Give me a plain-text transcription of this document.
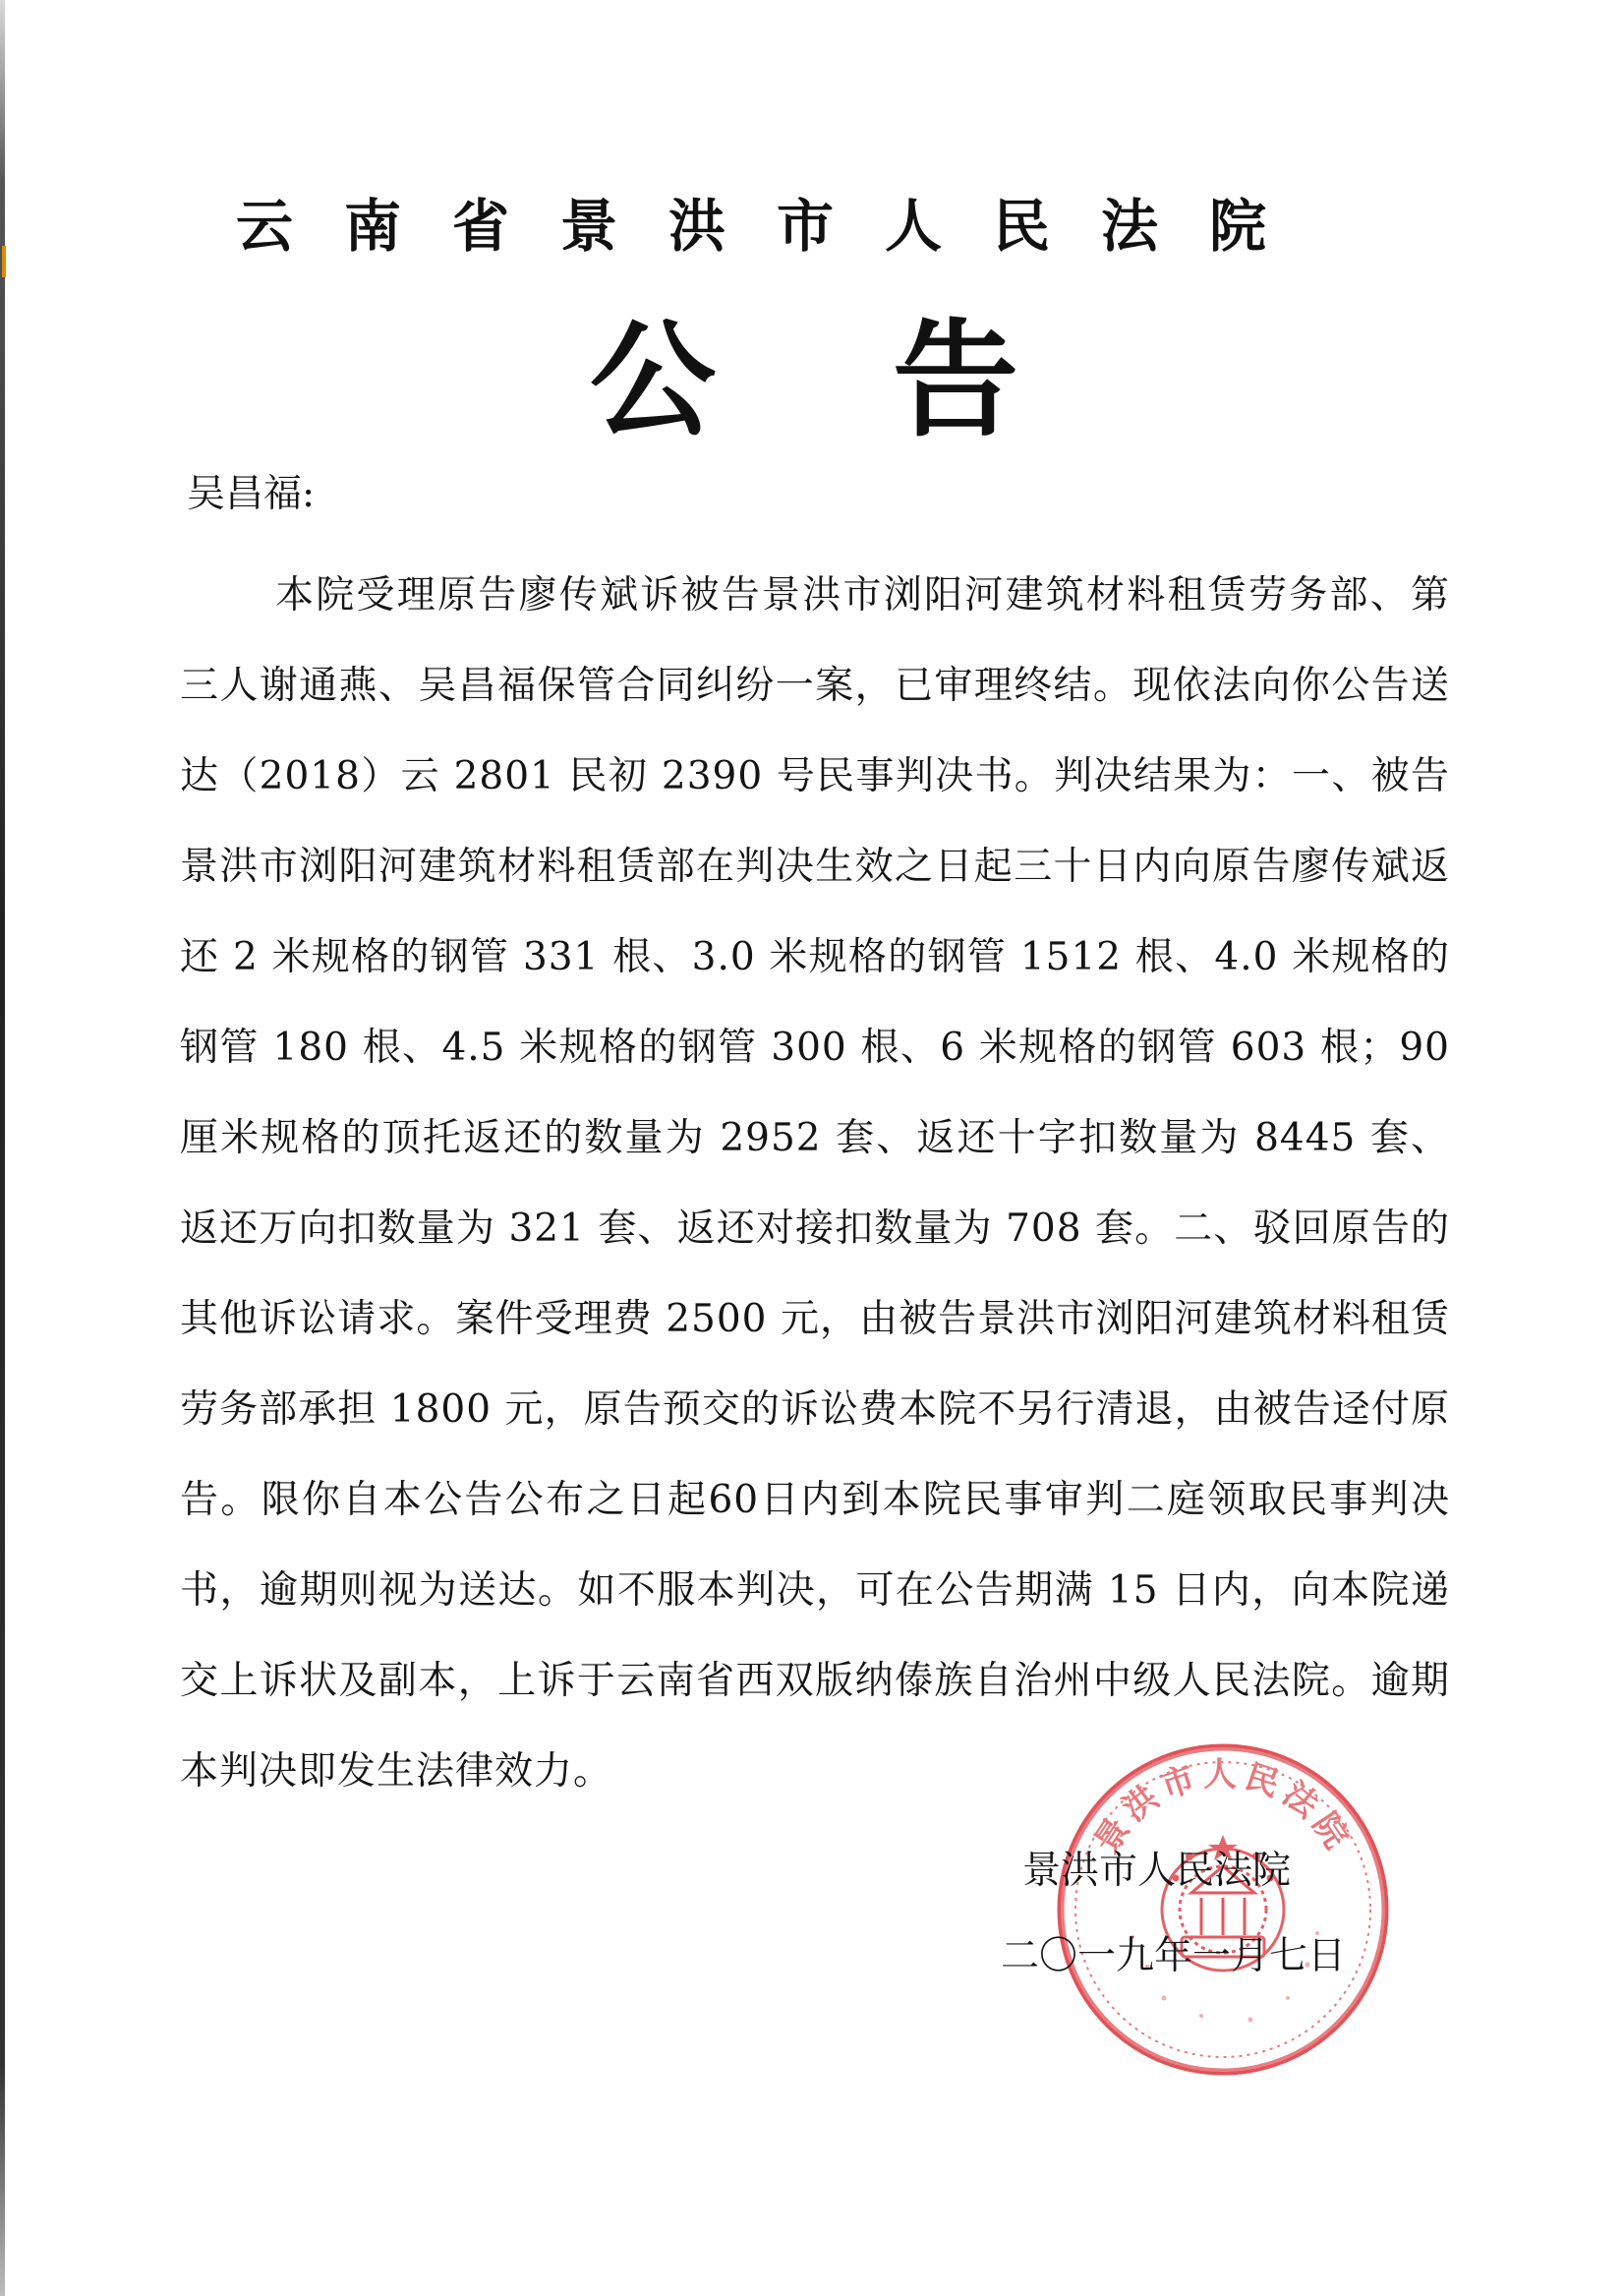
云南省景洪市人民法院
公告
吴昌福:

本院受理原告廖传斌诉被告景洪市浏阳河建筑材料租赁劳务部、第三人谢通燕、吴昌福保管合同纠纷一案，已审理终结。现依法向你公告送达（2018）云 2801 民初 2390 号民事判决书。判决结果为：一、被告景洪市浏阳河建筑材料租赁部在判决生效之日起三十日内向原告廖传斌返还 2 米规格的钢管 331 根、3.0 米规格的钢管 1512 根、4.0 米规格的钢管 180 根、4.5 米规格的钢管 300 根、6 米规格的钢管 603 根；90 厘米规格的顶托返还的数量为 2952 套、返还十字扣数量为 8445 套、返还万向扣数量为 321 套、返还对接扣数量为 708 套。二、驳回原告的其他诉讼请求。案件受理费 2500 元，由被告景洪市浏阳河建筑材料租赁劳务部承担 1800 元，原告预交的诉讼费本院不另行清退，由被告迳付原告。限你自本公告公布之日起60日内到本院民事审判二庭领取民事判决书，逾期则视为送达。如不服本判决，可在公告期满 15 日内，向本院递交上诉状及副本，上诉于云南省西双版纳傣族自治州中级人民法院。逾期本判决即发生法律效力。

景洪市人民法院
二〇一九年一月七日
